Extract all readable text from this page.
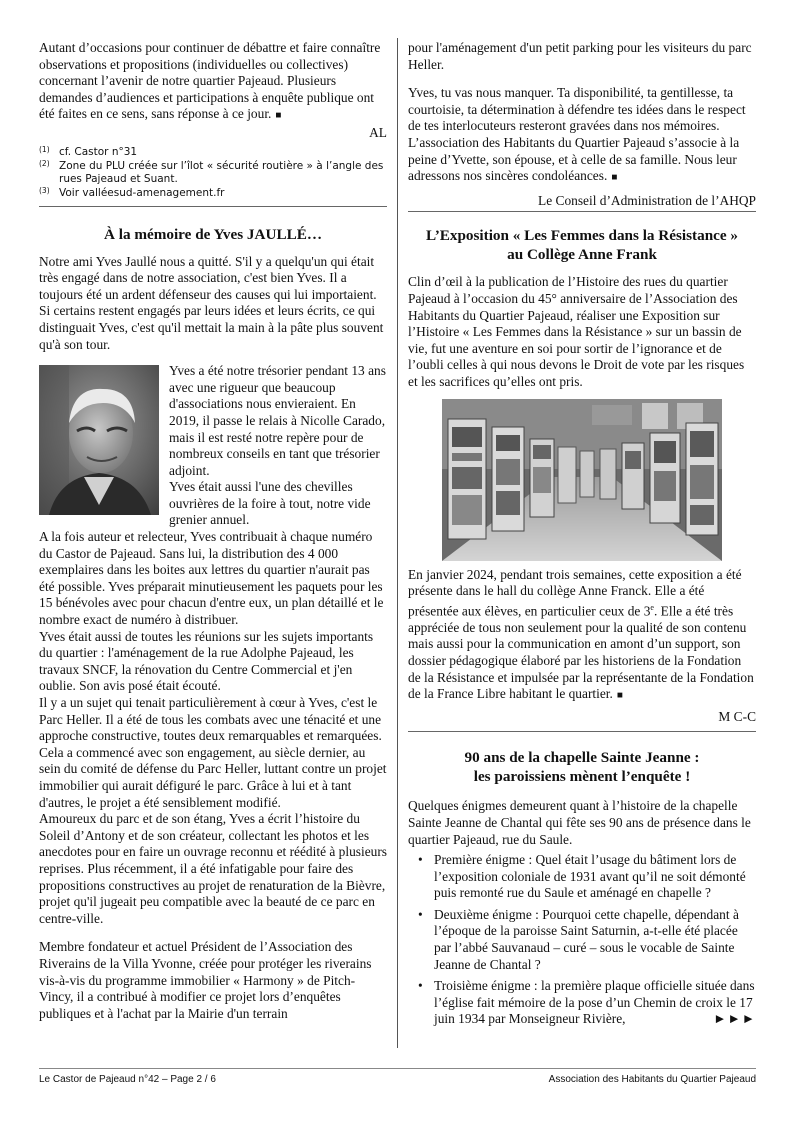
Autant d’occasions pour continuer de débattre et faire connaître observations et propositions (individuelles ou collectives) concernant l’avenir de notre quartier Pajeaud. Plusieurs demandes d’audiences et participations à enquête publique ont été faites en ce sens, sans réponse à ce jour. ■

AL
(1) cf. Castor n°31
(2) Zone du PLU créée sur l’îlot « sécurité routière » à l’angle des rues Pajeaud et Suant.
(3) Voir valléesud-amenagement.fr
À la mémoire de Yves JAULLÉ…

Notre ami Yves Jaullé nous a quitté. S'il y a quelqu'un qui était très engagé dans de notre association, c'est bien Yves. Il a toujours été un ardent défenseur des causes qui lui importaient. Si certains restent engagés par leurs idées et leurs écrits, ce qui distinguait Yves, c'est qu'il mettait la main à la pâte plus souvent qu'à son tour.

Yves a été notre trésorier pendant 13 ans avec une rigueur que beaucoup d'associations nous envieraient. En 2019, il passe le relais à Nicolle Carado, mais il est resté notre repère pour de nombreux conseils en tant que trésorier adjoint.

Yves était aussi l'une des chevilles ouvrières de la foire à tout, notre vide grenier annuel.

A la fois auteur et relecteur, Yves contribuait à chaque numéro du Castor de Pajeaud. Sans lui, la distribution des 4 000 exemplaires dans les boites aux lettres du quartier n'aurait pas été possible. Yves préparait minutieusement les paquets pour les 15 bénévoles avec pour chacun d'entre eux, un plan détaillé et le nombre exact de numéro à distribuer.

Yves était aussi de toutes les réunions sur les sujets importants du quartier : l'aménagement de la rue Adolphe Pajeaud, les travaux SNCF, la rénovation du Centre Commercial et j'en oublie. Son avis posé était écouté.

Il y a un sujet qui tenait particulièrement à cœur à Yves, c'est le Parc Heller. Il a été de tous les combats avec une ténacité et une approche constructive, toutes deux remarquables et remarquées.

Cela a commencé avec son engagement, au siècle dernier, au sein du comité de défense du Parc Heller, luttant contre un projet immobilier qui aurait défiguré le parc. Grâce à lui et à tant d'autres, le projet a été sensiblement modifié.

Amoureux du parc et de son étang, Yves a écrit l’histoire du Soleil d’Antony et de son créateur, collectant les photos et les anecdotes pour en faire un ouvrage reconnu et réédité à plusieurs reprises. Plus récemment, il a été infatigable pour faire des propositions constructives au projet de renaturation de la Bièvre, projet qu'il jugeait peu compatible avec la beauté de ce parc en centre-ville.

Membre fondateur et actuel Président de l’Association des Riverains de la Villa Yvonne, créée pour protéger les riverains vis-à-vis du programme immobilier « Harmony » de Pitch-Vincy, il a contribué à modifier ce projet lors d’enquêtes publiques et à l'achat par la Mairie d'un terrain

pour l'aménagement d'un petit parking pour les visiteurs du parc Heller.

Yves, tu vas nous manquer. Ta disponibilité, ta gentillesse, ta courtoisie, ta détermination à défendre tes idées dans le respect de tes interlocuteurs resteront gravées dans nos mémoires.

L’association des Habitants du Quartier Pajeaud s’associe à la peine d’Yvette, son épouse, et à celle de sa famille. Nous leur adressons nos sincères condoléances. ■

Le Conseil d’Administration de l’AHQP
L’Exposition « Les Femmes dans la Résistance »
au Collège Anne Frank

Clin d’œil à la publication de l’Histoire des rues du quartier Pajeaud à l’occasion du 45° anniversaire de l’Association des Habitants du Quartier Pajeaud, réaliser une Exposition sur l’Histoire « Les Femmes dans la Résistance » sur un bassin de vie, fut une aventure en soi pour sortir de l’ignorance et de l’oubli celles à qui nous devons le Droit de vote par les risques et les sacrifices qu’elles ont pris.

En janvier 2024, pendant trois semaines, cette exposition a été présente dans le hall du collège Anne Franck. Elle a été présentée aux élèves, en particulier ceux de 3e. Elle a été très appréciée de tous non seulement pour la qualité de son contenu mais aussi pour la communication en amont d’un support, son dossier pédagogique élaboré par les historiens de la Fondation de la Résistance et impulsée par la représentante de la Fondation de la France Libre habitant le quartier. ■

M C-C
90 ans de la chapelle Sainte Jeanne :
les paroissiens mènent l’enquête !

Quelques énigmes demeurent quant à l’histoire de la chapelle Sainte Jeanne de Chantal qui fête ses 90 ans de présence dans le quartier Pajeaud, rue du Saule.

• Première énigme : Quel était l’usage du bâtiment lors de l’exposition coloniale de 1931 avant qu’il ne soit démonté puis remonté rue du Saule et aménagé en chapelle ?
• Deuxième énigme : Pourquoi cette chapelle, dépendant à l’époque de la paroisse Saint Saturnin, a-t-elle été placée par l’abbé Sauvanaud – curé – sous le vocable de Sainte Jeanne de Chantal ?
• Troisième énigme : la première plaque officielle située dans l’église fait mémoire de la pose d’un Chemin de croix le 17 juin 1934 par Monseigneur Rivière,	►►►
Le Castor de Pajeaud n°42 – Page 2 / 6	Association des Habitants du Quartier Pajeaud
